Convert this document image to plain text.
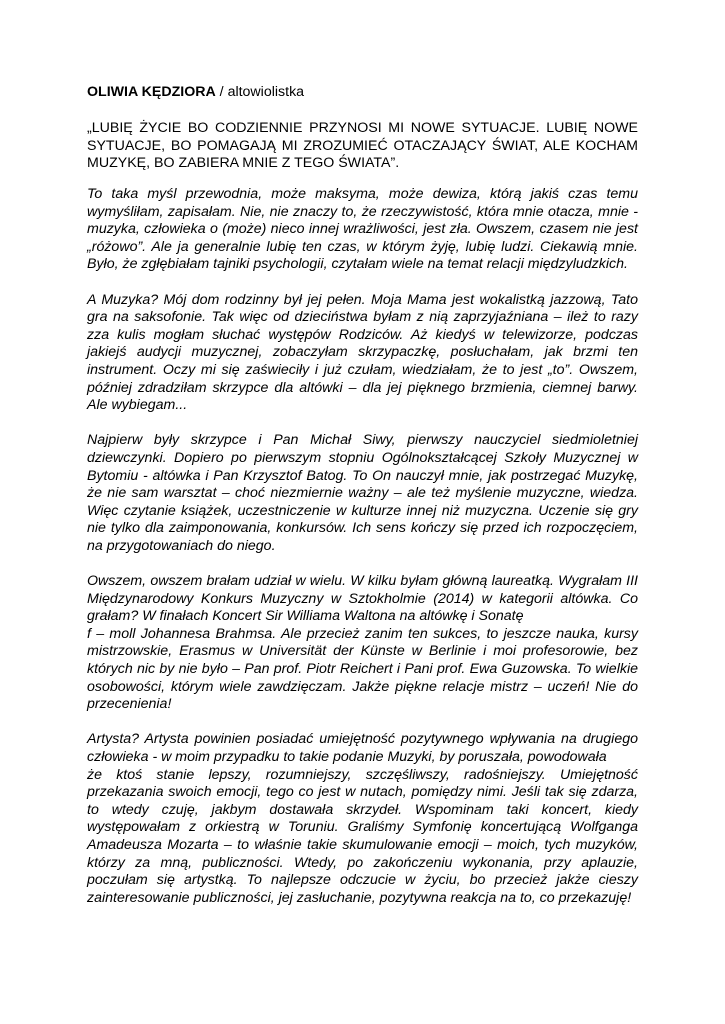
OLIWIA KĘDZIORA / altowiolistka
„LUBIĘ ŻYCIE BO CODZIENNIE PRZYNOSI MI NOWE SYTUACJE. LUBIĘ NOWE SYTUACJE, BO POMAGAJĄ MI ZROZUMIEĆ OTACZAJĄCY ŚWIAT, ALE KOCHAM MUZYKĘ, BO ZABIERA MNIE Z TEGO ŚWIATA”.

To taka myśl przewodnia, może maksyma, może dewiza, którą jakiś czas temu wymyśliłam, zapisałam. Nie, nie znaczy to, że rzeczywistość, która mnie otacza, mnie - muzyka, człowieka o (może) nieco innej wrażliwości, jest zła. Owszem, czasem nie jest „różowo”. Ale ja generalnie lubię ten czas, w którym żyję, lubię ludzi. Ciekawią mnie. Było, że zgłębiałam tajniki psychologii, czytałam wiele na temat relacji międzyludzkich.

A Muzyka? Mój dom rodzinny był jej pełen. Moja Mama jest wokalistką jazzową, Tato gra na saksofonie. Tak więc od dzieciństwa byłam z nią zaprzyjaźniana – ileż to razy zza kulis mogłam słuchać występów Rodziców. Aż kiedyś w telewizorze, podczas jakiejś audycji muzycznej, zobaczyłam skrzypaczkę, posłuchałam, jak brzmi ten instrument. Oczy mi się zaświeciły i już czułam, wiedziałam, że to jest „to”. Owszem, później zdradziłam skrzypce dla altówki – dla jej pięknego brzmienia, ciemnej barwy. Ale wybiegam...

Najpierw były skrzypce i Pan Michał Siwy, pierwszy nauczyciel siedmioletniej dziewczynki. Dopiero po pierwszym stopniu Ogólnokształcącej Szkoły Muzycznej w Bytomiu - altówka i Pan Krzysztof Batog. To On nauczył mnie, jak postrzegać Muzykę, że nie sam warsztat – choć niezmiernie ważny – ale też myślenie muzyczne, wiedza. Więc czytanie książek, uczestniczenie w kulturze innej niż muzyczna. Uczenie się gry nie tylko dla zaimponowania, konkursów. Ich sens kończy się przed ich rozpoczęciem, na przygotowaniach do niego.

Owszem, owszem brałam udział w wielu. W kilku byłam główną laureatką. Wygrałam III Międzynarodowy Konkurs Muzyczny w Sztokholmie (2014) w kategorii altówka. Co grałam? W finałach Koncert Sir Williama Waltona na altówkę i Sonatę
f – moll Johannesa Brahmsa. Ale przecież zanim ten sukces, to jeszcze nauka, kursy mistrzowskie, Erasmus w Universität der Künste w Berlinie i moi profesorowie, bez których nic by nie było – Pan prof. Piotr Reichert i Pani prof. Ewa Guzowska. To wielkie osobowości, którym wiele zawdzięczam. Jakże piękne relacje mistrz – uczeń! Nie do przecenienia!

Artysta? Artysta powinien posiadać umiejętność pozytywnego wpływania na drugiego człowieka - w moim przypadku to takie podanie Muzyki, by poruszała, powodowała
że ktoś stanie lepszy, rozumniejszy, szczęśliwszy, radośniejszy. Umiejętność przekazania swoich emocji, tego co jest w nutach, pomiędzy nimi. Jeśli tak się zdarza, to wtedy czuję, jakbym dostawała skrzydeł. Wspominam taki koncert, kiedy występowałam z orkiestrą w Toruniu. Graliśmy Symfonię koncertującą Wolfganga Amadeusza Mozarta – to właśnie takie skumulowanie emocji – moich, tych muzyków, którzy za mną, publiczności. Wtedy, po zakończeniu wykonania, przy aplauzie, poczułam się artystką. To najlepsze odczucie w życiu, bo przecież jakże cieszy zainteresowanie publiczności, jej zasłuchanie, pozytywna reakcja na to, co przekazuję!
